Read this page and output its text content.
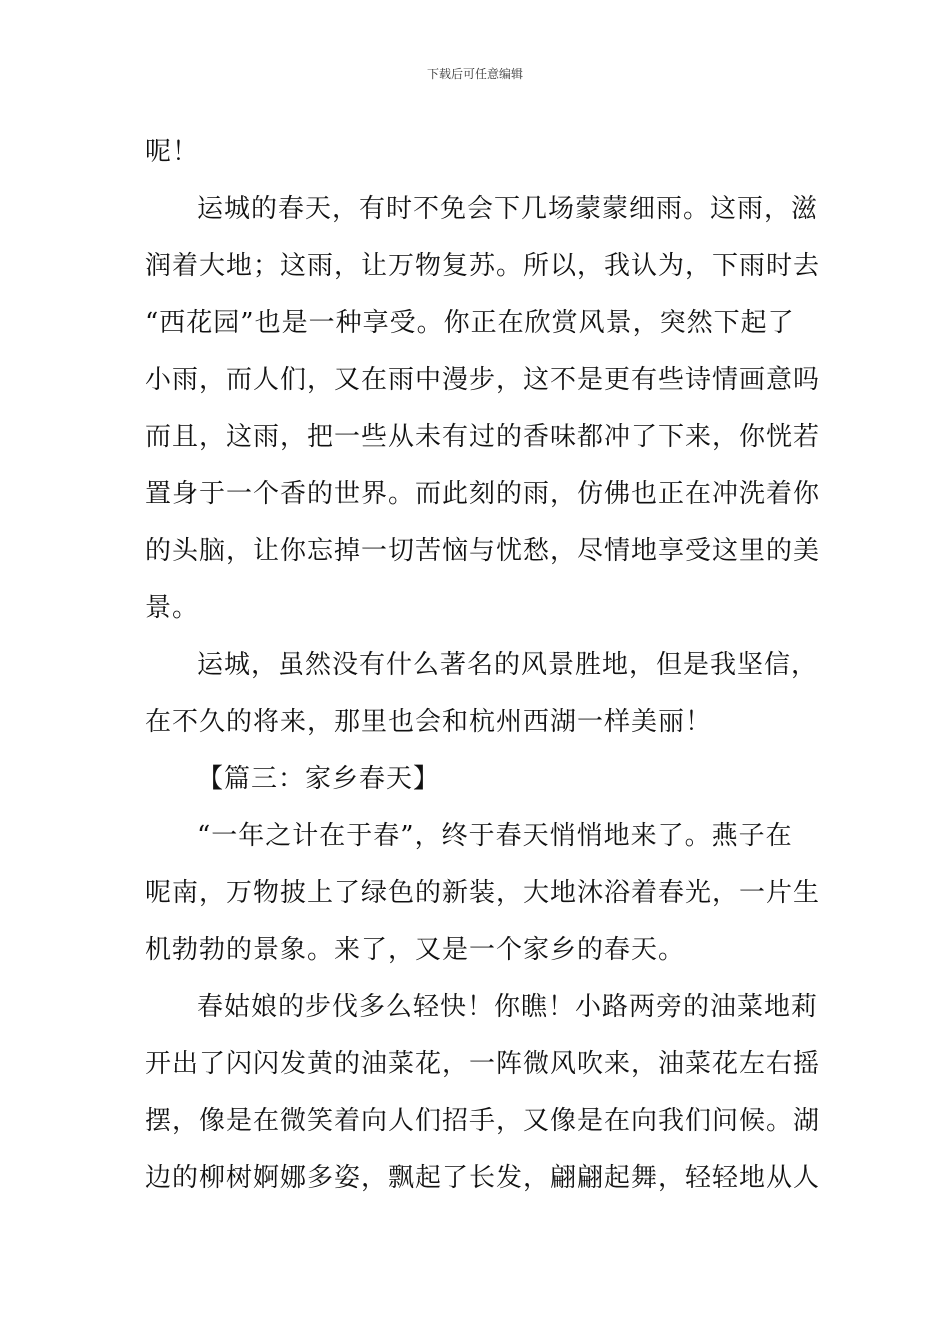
下载后可任意编辑
呢！
运城的春天，有时不免会下几场蒙蒙细雨。这雨，滋
润着大地；这雨，让万物复苏。所以，我认为，下雨时去
“西花园”也是一种享受。你正在欣赏风景，突然下起了
小雨，而人们，又在雨中漫步，这不是更有些诗情画意吗
而且，这雨，把一些从未有过的香味都冲了下来，你恍若
置身于一个香的世界。而此刻的雨，仿佛也正在冲洗着你
的头脑，让你忘掉一切苦恼与忧愁，尽情地享受这里的美
景。
运城，虽然没有什么著名的风景胜地，但是我坚信，
在不久的将来，那里也会和杭州西湖一样美丽！
【篇三：家乡春天】
“一年之计在于春”，终于春天悄悄地来了。燕子在
呢南，万物披上了绿色的新装，大地沐浴着春光，一片生
机勃勃的景象。来了，又是一个家乡的春天。
春姑娘的步伐多么轻快！你瞧！小路两旁的油菜地莉
开出了闪闪发黄的油菜花，一阵微风吹来，油菜花左右摇
摆，像是在微笑着向人们招手，又像是在向我们问候。湖
边的柳树婀娜多姿，飘起了长发，翩翩起舞，轻轻地从人
